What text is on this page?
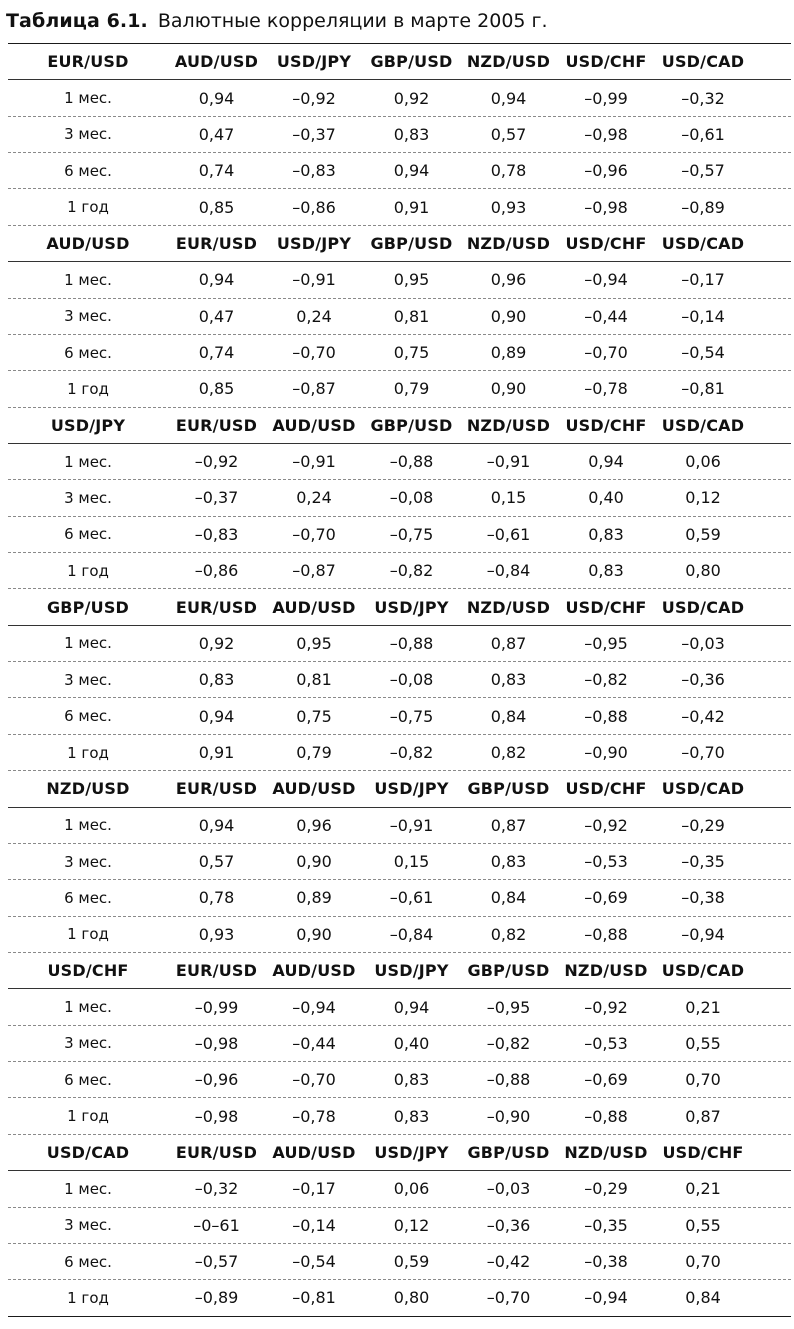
Таблица 6.1. Валютные корреляции в марте 2005 г.
EUR/USD	AUD/USD	USD/JPY	GBP/USD NZD/USD USD/CHF USD/CAD
1 мес.	0,94	–0,92	0,92	0,94	–0,99	–0,32
3 мес.	0,47	–0,37	0,83	0,57	–0,98	–0,61
6 мес.	0,74	–0,83	0,94	0,78	–0,96	–0,57
1 год	0,85	–0,86	0,91	0,93	–0,98	–0,89
AUD/USD	EUR/USD	USD/JPY	GBP/USD NZD/USD USD/CHF USD/CAD
1 мес.	0,94	–0,91	0,95	0,96	–0,94	–0,17
3 мес.	0,47	0,24	0,81	0,90	–0,44	–0,14
6 мес.	0,74	–0,70	0,75	0,89	–0,70	–0,54
1 год	0,85	–0,87	0,79	0,90	–0,78	–0,81
USD/JPY	EUR/USD AUD/USD GBP/USD NZD/USD USD/CHF USD/CAD
1 мес.	–0,92	–0,91	–0,88	–0,91	0,94	0,06
3 мес.	–0,37	0,24	–0,08	0,15	0,40	0,12
6 мес.	–0,83	–0,70	–0,75	–0,61	0,83	0,59
1 год	–0,86	–0,87	–0,82	–0,84	0,83	0,80
GBP/USD	EUR/USD AUD/USD	USD/JPY	NZD/USD USD/CHF USD/CAD
1 мес.	0,92	0,95	–0,88	0,87	–0,95	–0,03
3 мес.	0,83	0,81	–0,08	0,83	–0,82	–0,36
6 мес.	0,94	0,75	–0,75	0,84	–0,88	–0,42
1 год	0,91	0,79	–0,82	0,82	–0,90	–0,70
NZD/USD	EUR/USD AUD/USD	USD/JPY	GBP/USD USD/CHF USD/CAD
1 мес.	0,94	0,96	–0,91	0,87	–0,92	–0,29
3 мес.	0,57	0,90	0,15	0,83	–0,53	–0,35
6 мес.	0,78	0,89	–0,61	0,84	–0,69	–0,38
1 год	0,93	0,90	–0,84	0,82	–0,88	–0,94
USD/CHF	EUR/USD AUD/USD	USD/JPY	GBP/USD NZD/USD USD/CAD
1 мес.	–0,99	–0,94	0,94	–0,95	–0,92	0,21
3 мес.	–0,98	–0,44	0,40	–0,82	–0,53	0,55
6 мес.	–0,96	–0,70	0,83	–0,88	–0,69	0,70
1 год	–0,98	–0,78	0,83	–0,90	–0,88	0,87
USD/CAD	EUR/USD AUD/USD	USD/JPY	GBP/USD NZD/USD USD/CHF
1 мес.	–0,32	–0,17	0,06	–0,03	–0,29	0,21
3 мес.	–0–61	–0,14	0,12	–0,36	–0,35	0,55
6 мес.	–0,57	–0,54	0,59	–0,42	–0,38	0,70
1 год	–0,89	–0,81	0,80	–0,70	–0,94	0,84
